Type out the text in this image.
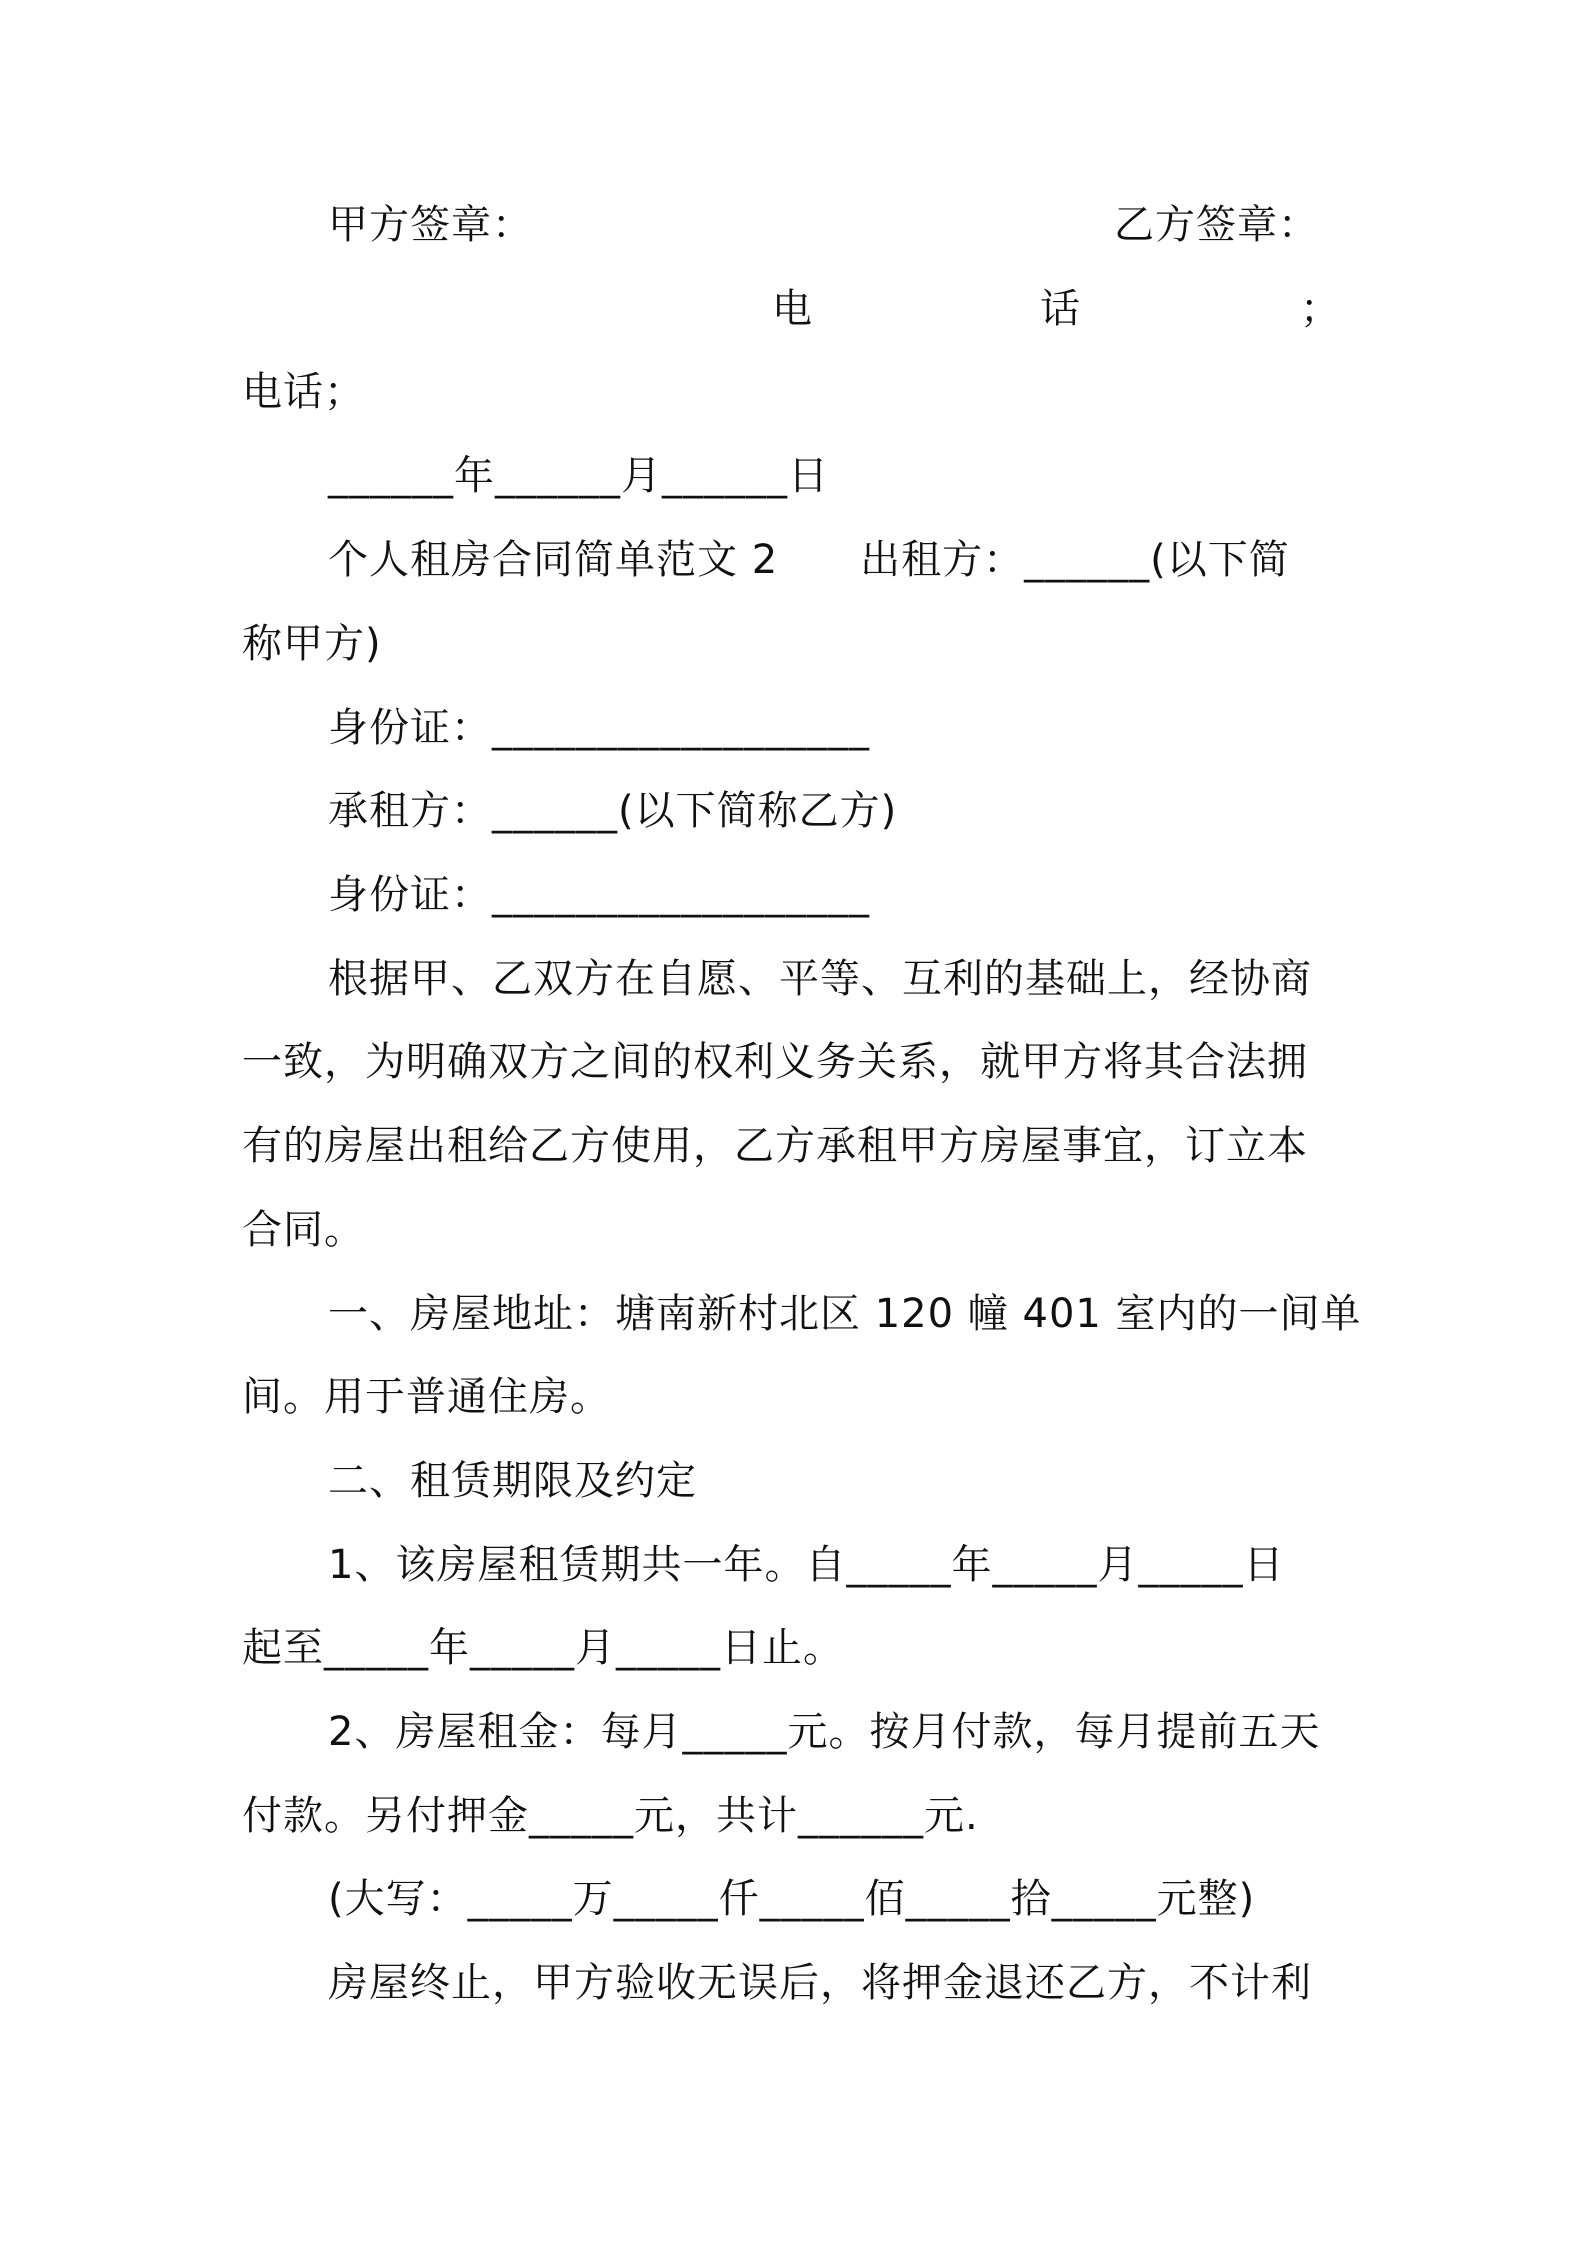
甲方签章：	乙方签章：
电	话	；
电话；
______年______月______日
个人租房合同简单范文 2　　出租方：______(以下简
称甲方)
身份证：__________________
承租方：______(以下简称乙方)
身份证：__________________
根据甲、乙双方在自愿、平等、互利的基础上，经协商
一致，为明确双方之间的权利义务关系，就甲方将其合法拥
有的房屋出租给乙方使用，乙方承租甲方房屋事宜，订立本
合同。
一、房屋地址：塘南新村北区 120 幢 401 室内的一间单
间。用于普通住房。
二、租赁期限及约定
1、该房屋租赁期共一年。自_____年_____月_____日
起至_____年_____月_____日止。
2、房屋租金：每月_____元。按月付款，每月提前五天
付款。另付押金_____元，共计______元.
(大写：_____万_____仟_____佰_____拾_____元整)
房屋终止，甲方验收无误后，将押金退还乙方，不计利
